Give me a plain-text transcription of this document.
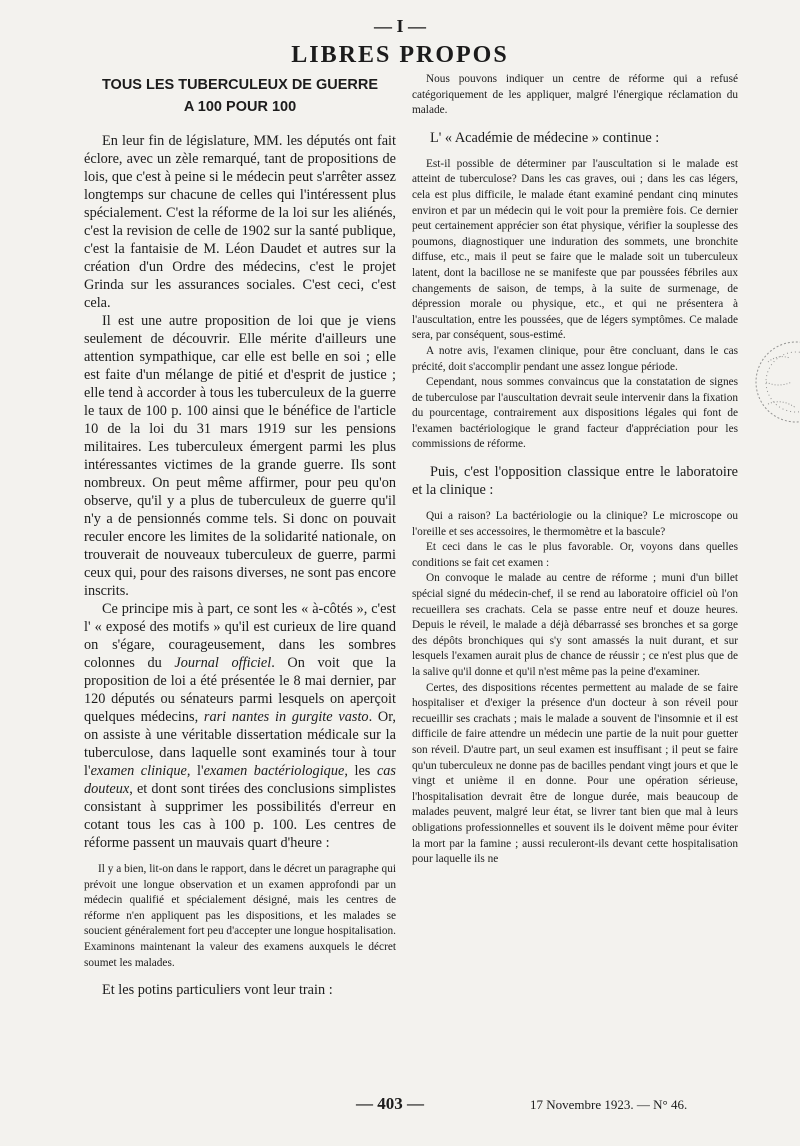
— I —
LIBRES PROPOS
TOUS LES TUBERCULEUX DE GUERRE
A 100 POUR 100

En leur fin de législature, MM. les députés ont fait éclore, avec un zèle remarqué, tant de propositions de lois, que c'est à peine si le médecin peut s'arrêter assez longtemps sur chacune de celles qui l'intéressent plus spécialement. C'est la réforme de la loi sur les aliénés, c'est la revision de celle de 1902 sur la santé publique, c'est la fantaisie de M. Léon Daudet et autres sur la création d'un Ordre des médecins, c'est le projet Grinda sur les assurances sociales. C'est ceci, c'est cela.

Il est une autre proposition de loi que je viens seulement de découvrir. Elle mérite d'ailleurs une attention sympathique, car elle est belle en soi ; elle est faite d'un mélange de pitié et d'esprit de justice ; elle tend à accorder à tous les tuberculeux de la guerre le taux de 100 p. 100 ainsi que le bénéfice de l'article 10 de la loi du 31 mars 1919 sur les pensions militaires. Les tuberculeux émergent parmi les plus intéressantes victimes de la grande guerre. Ils sont nombreux. On peut même affirmer, pour peu qu'on observe, qu'il y a plus de tuberculeux de guerre qu'il n'y a de pensionnés comme tels. Si donc on pouvait reculer encore les limites de la solidarité nationale, on trouverait de nouveaux tuberculeux de guerre, parmi ceux qui, pour des raisons diverses, ne sont pas encore inscrits.

Ce principe mis à part, ce sont les « à-côtés », c'est l' « exposé des motifs » qu'il est curieux de lire quand on s'égare, courageusement, dans les sombres colonnes du Journal officiel. On voit que la proposition de loi a été présentée le 8 mai dernier, par 120 députés ou sénateurs parmi lesquels on aperçoit quelques médecins, rari nantes in gurgite vasto. Or, on assiste à une véritable dissertation médicale sur la tuberculose, dans laquelle sont examinés tour à tour l'examen clinique, l'examen bactériologique, les cas douteux, et dont sont tirées des conclusions simplistes consistant à supprimer les possibilités d'erreur en cotant tous les cas à 100 p. 100. Les centres de réforme passent un mauvais quart d'heure :

Il y a bien, lit-on dans le rapport, dans le décret un paragraphe qui prévoit une longue observation et un examen approfondi par un médecin qualifié et spécialement désigné, mais les centres de réforme n'en appliquent pas les dispositions, et les malades se soucient généralement fort peu d'accepter une longue hospitalisation. Examinons maintenant la valeur des examens auxquels le décret soumet les malades.

Et les potins particuliers vont leur train :

Nous pouvons indiquer un centre de réforme qui a refusé catégoriquement de les appliquer, malgré l'énergique réclamation du malade.

L' « Académie de médecine » continue :

Est-il possible de déterminer par l'auscultation si le malade est atteint de tuberculose? Dans les cas graves, oui ; dans les cas légers, cela est plus difficile, le malade étant examiné pendant cinq minutes environ et par un médecin qui le voit pour la première fois. Ce dernier peut certainement apprécier son état physique, vérifier la souplesse des poumons, diagnostiquer une induration des sommets, une bronchite diffuse, etc., mais il peut se faire que le malade soit un tuberculeux latent, dont la bacillose ne se manifeste que par poussées fébriles aux changements de saison, de temps, à la suite de surmenage, de dépression morale ou physique, etc., et qui ne présentera à l'auscultation, entre les poussées, que de légers symptômes. Ce malade sera, par conséquent, sous-estimé.

A notre avis, l'examen clinique, pour être concluant, dans le cas précité, doit s'accomplir pendant une assez longue période.

Cependant, nous sommes convaincus que la constatation de signes de tuberculose par l'auscultation devrait seule intervenir dans la fixation du pourcentage, contrairement aux dispositions légales qui font de l'examen bactériologique le grand facteur d'appréciation pour les commissions de réforme.

Puis, c'est l'opposition classique entre le laboratoire et la clinique :

Qui a raison? La bactériologie ou la clinique? Le microscope ou l'oreille et ses accessoires, le thermomètre et la bascule?

Et ceci dans le cas le plus favorable. Or, voyons dans quelles conditions se fait cet examen :

On convoque le malade au centre de réforme ; muni d'un billet spécial signé du médecin-chef, il se rend au laboratoire officiel où l'on recueillera ses crachats. Cela se passe entre neuf et douze heures. Depuis le réveil, le malade a déjà débarrassé ses bronches et sa gorge des dépôts bronchiques qui s'y sont amassés la nuit durant, et sur lesquels l'examen aurait plus de chance de réussir ; ce n'est plus que de la salive qu'il donne et qu'il n'est même pas la peine d'examiner.

Certes, des dispositions récentes permettent au malade de se faire hospitaliser et d'exiger la présence d'un docteur à son réveil pour recueillir ses crachats ; mais le malade a souvent de l'insomnie et il est difficile de faire attendre un médecin une partie de la nuit pour guetter son réveil. D'autre part, un seul examen est insuffisant ; il peut se faire qu'un tuberculeux ne donne pas de bacilles pendant vingt jours et que le vingt et unième il en donne. Pour une opération sérieuse, l'hospitalisation devrait être de longue durée, mais beaucoup de malades peuvent, malgré leur état, se livrer tant bien que mal à leurs obligations professionnelles et souvent ils le doivent même pour éviter la mort par la famine ; aussi reculeront-ils devant cette hospitalisation pour laquelle ils ne

— 403 —	17 Novembre 1923. — N° 46.
